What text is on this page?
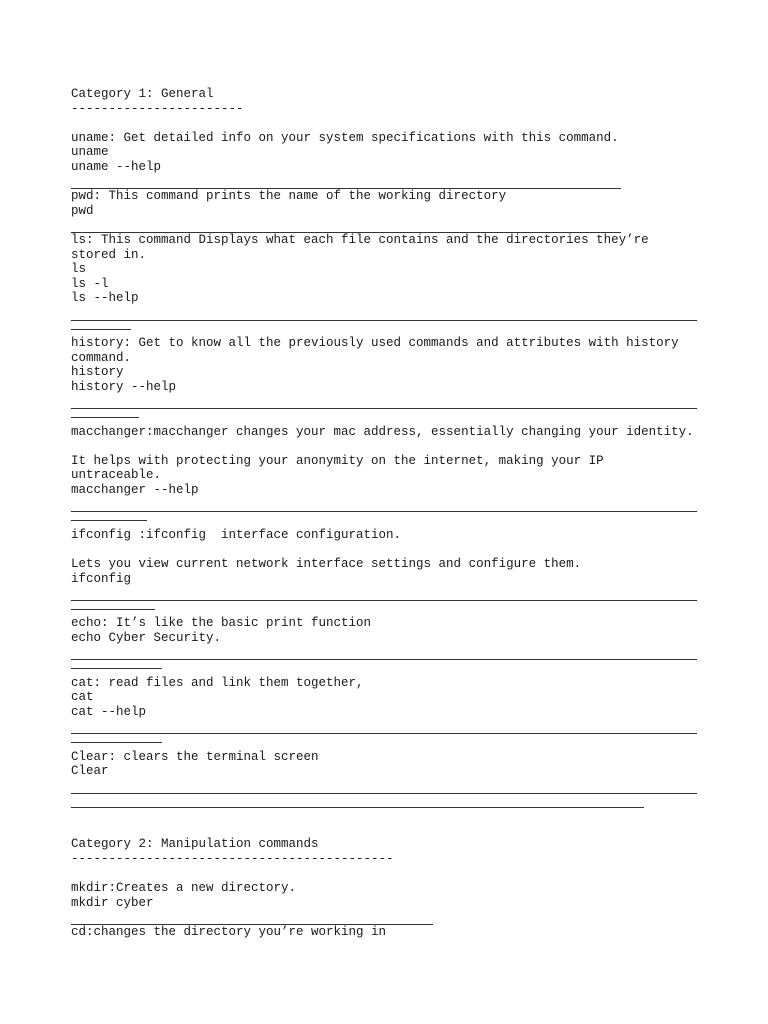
Category 1: General
-----------------------
uname: Get detailed info on your system specifications with this command.
uname
uname --help
pwd: This command prints the name of the working directory
pwd
ls: This command Displays what each file contains and the directories they’re
stored in.
ls
ls -l
ls --help
history: Get to know all the previously used commands and attributes with history
command.
history
history --help
macchanger:macchanger changes your mac address, essentially changing your identity.
It helps with protecting your anonymity on the internet, making your IP
untraceable.
macchanger --help
ifconfig :ifconfig  interface configuration.
Lets you view current network interface settings and configure them.
ifconfig
echo: It’s like the basic print function
echo Cyber Security.
cat: read files and link them together,
cat
cat --help
Clear: clears the terminal screen
Clear
Category 2: Manipulation commands
-------------------------------------------
mkdir:Creates a new directory.
mkdir cyber
cd:changes the directory you’re working in
